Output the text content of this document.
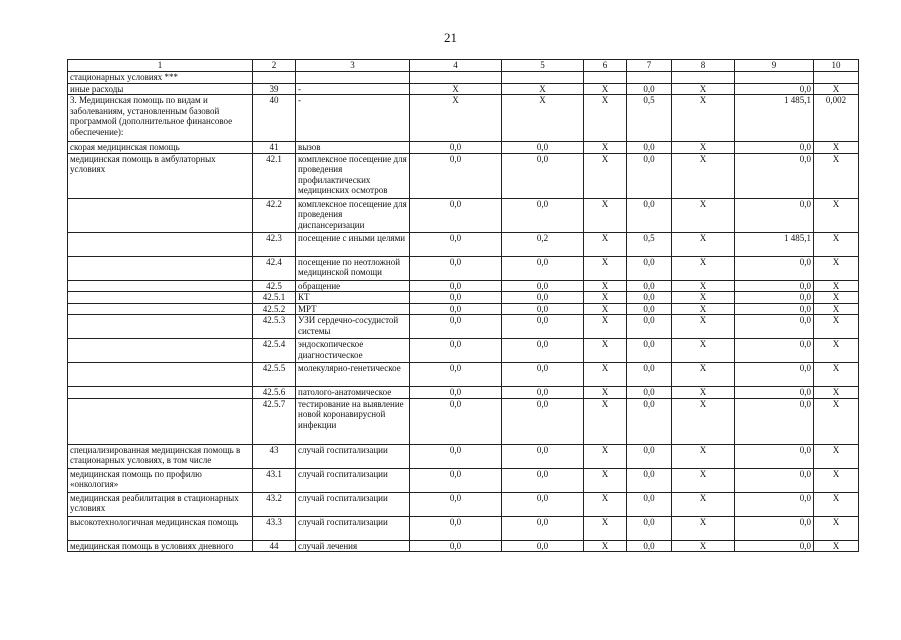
21
1	2	3	4	5	6	7	8	9	10
стационарных условиях ***									
иные расходы	39	-	X	X	X	0,0	X	0,0	X
3. Медицинская помощь по видам и заболеваниям, установленным базовой программой (дополнительное финансовое обеспечение):	40	-	X	X	X	0,5	X	1 485,1	0,002
скорая медицинская помощь	41	вызов	0,0	0,0	X	0,0	X	0,0	X
медицинская помощь в амбулаторных условиях	42.1	комплексное посещение для проведения профилактических медицинских осмотров	0,0	0,0	X	0,0	X	0,0	X
	42.2	комплексное посещение для проведения диспансеризации	0,0	0,0	X	0,0	X	0,0	X
	42.3	посещение с иными целями	0,0	0,2	X	0,5	X	1 485,1	X
	42.4	посещение по неотложной медицинской помощи	0,0	0,0	X	0,0	X	0,0	X
	42.5	обращение	0,0	0,0	X	0,0	X	0,0	X
	42.5.1	КТ	0,0	0,0	X	0,0	X	0,0	X
	42.5.2	МРТ	0,0	0,0	X	0,0	X	0,0	X
	42.5.3	УЗИ сердечно-сосудистой системы	0,0	0,0	X	0,0	X	0,0	X
	42.5.4	эндоскопическое диагностическое	0,0	0,0	X	0,0	X	0,0	X
	42.5.5	молекулярно-генетическое	0,0	0,0	X	0,0	X	0,0	X
	42.5.6	патолого-анатомическое	0,0	0,0	X	0,0	X	0,0	X
	42.5.7	тестирование на выявление новой коронавирусной инфекции	0,0	0,0	X	0,0	X	0,0	X
специализированная медицинская помощь в стационарных условиях, в том числе	43	случай госпитализации	0,0	0,0	X	0,0	X	0,0	X
медицинская помощь по профилю «онкология»	43.1	случай госпитализации	0,0	0,0	X	0,0	X	0,0	X
медицинская реабилитация в стационарных условиях	43.2	случай госпитализации	0,0	0,0	X	0,0	X	0,0	X
высокотехнологичная медицинская помощь	43.3	случай госпитализации	0,0	0,0	X	0,0	X	0,0	X
медицинская помощь в условиях дневного	44	случай лечения	0,0	0,0	X	0,0	X	0,0	X
